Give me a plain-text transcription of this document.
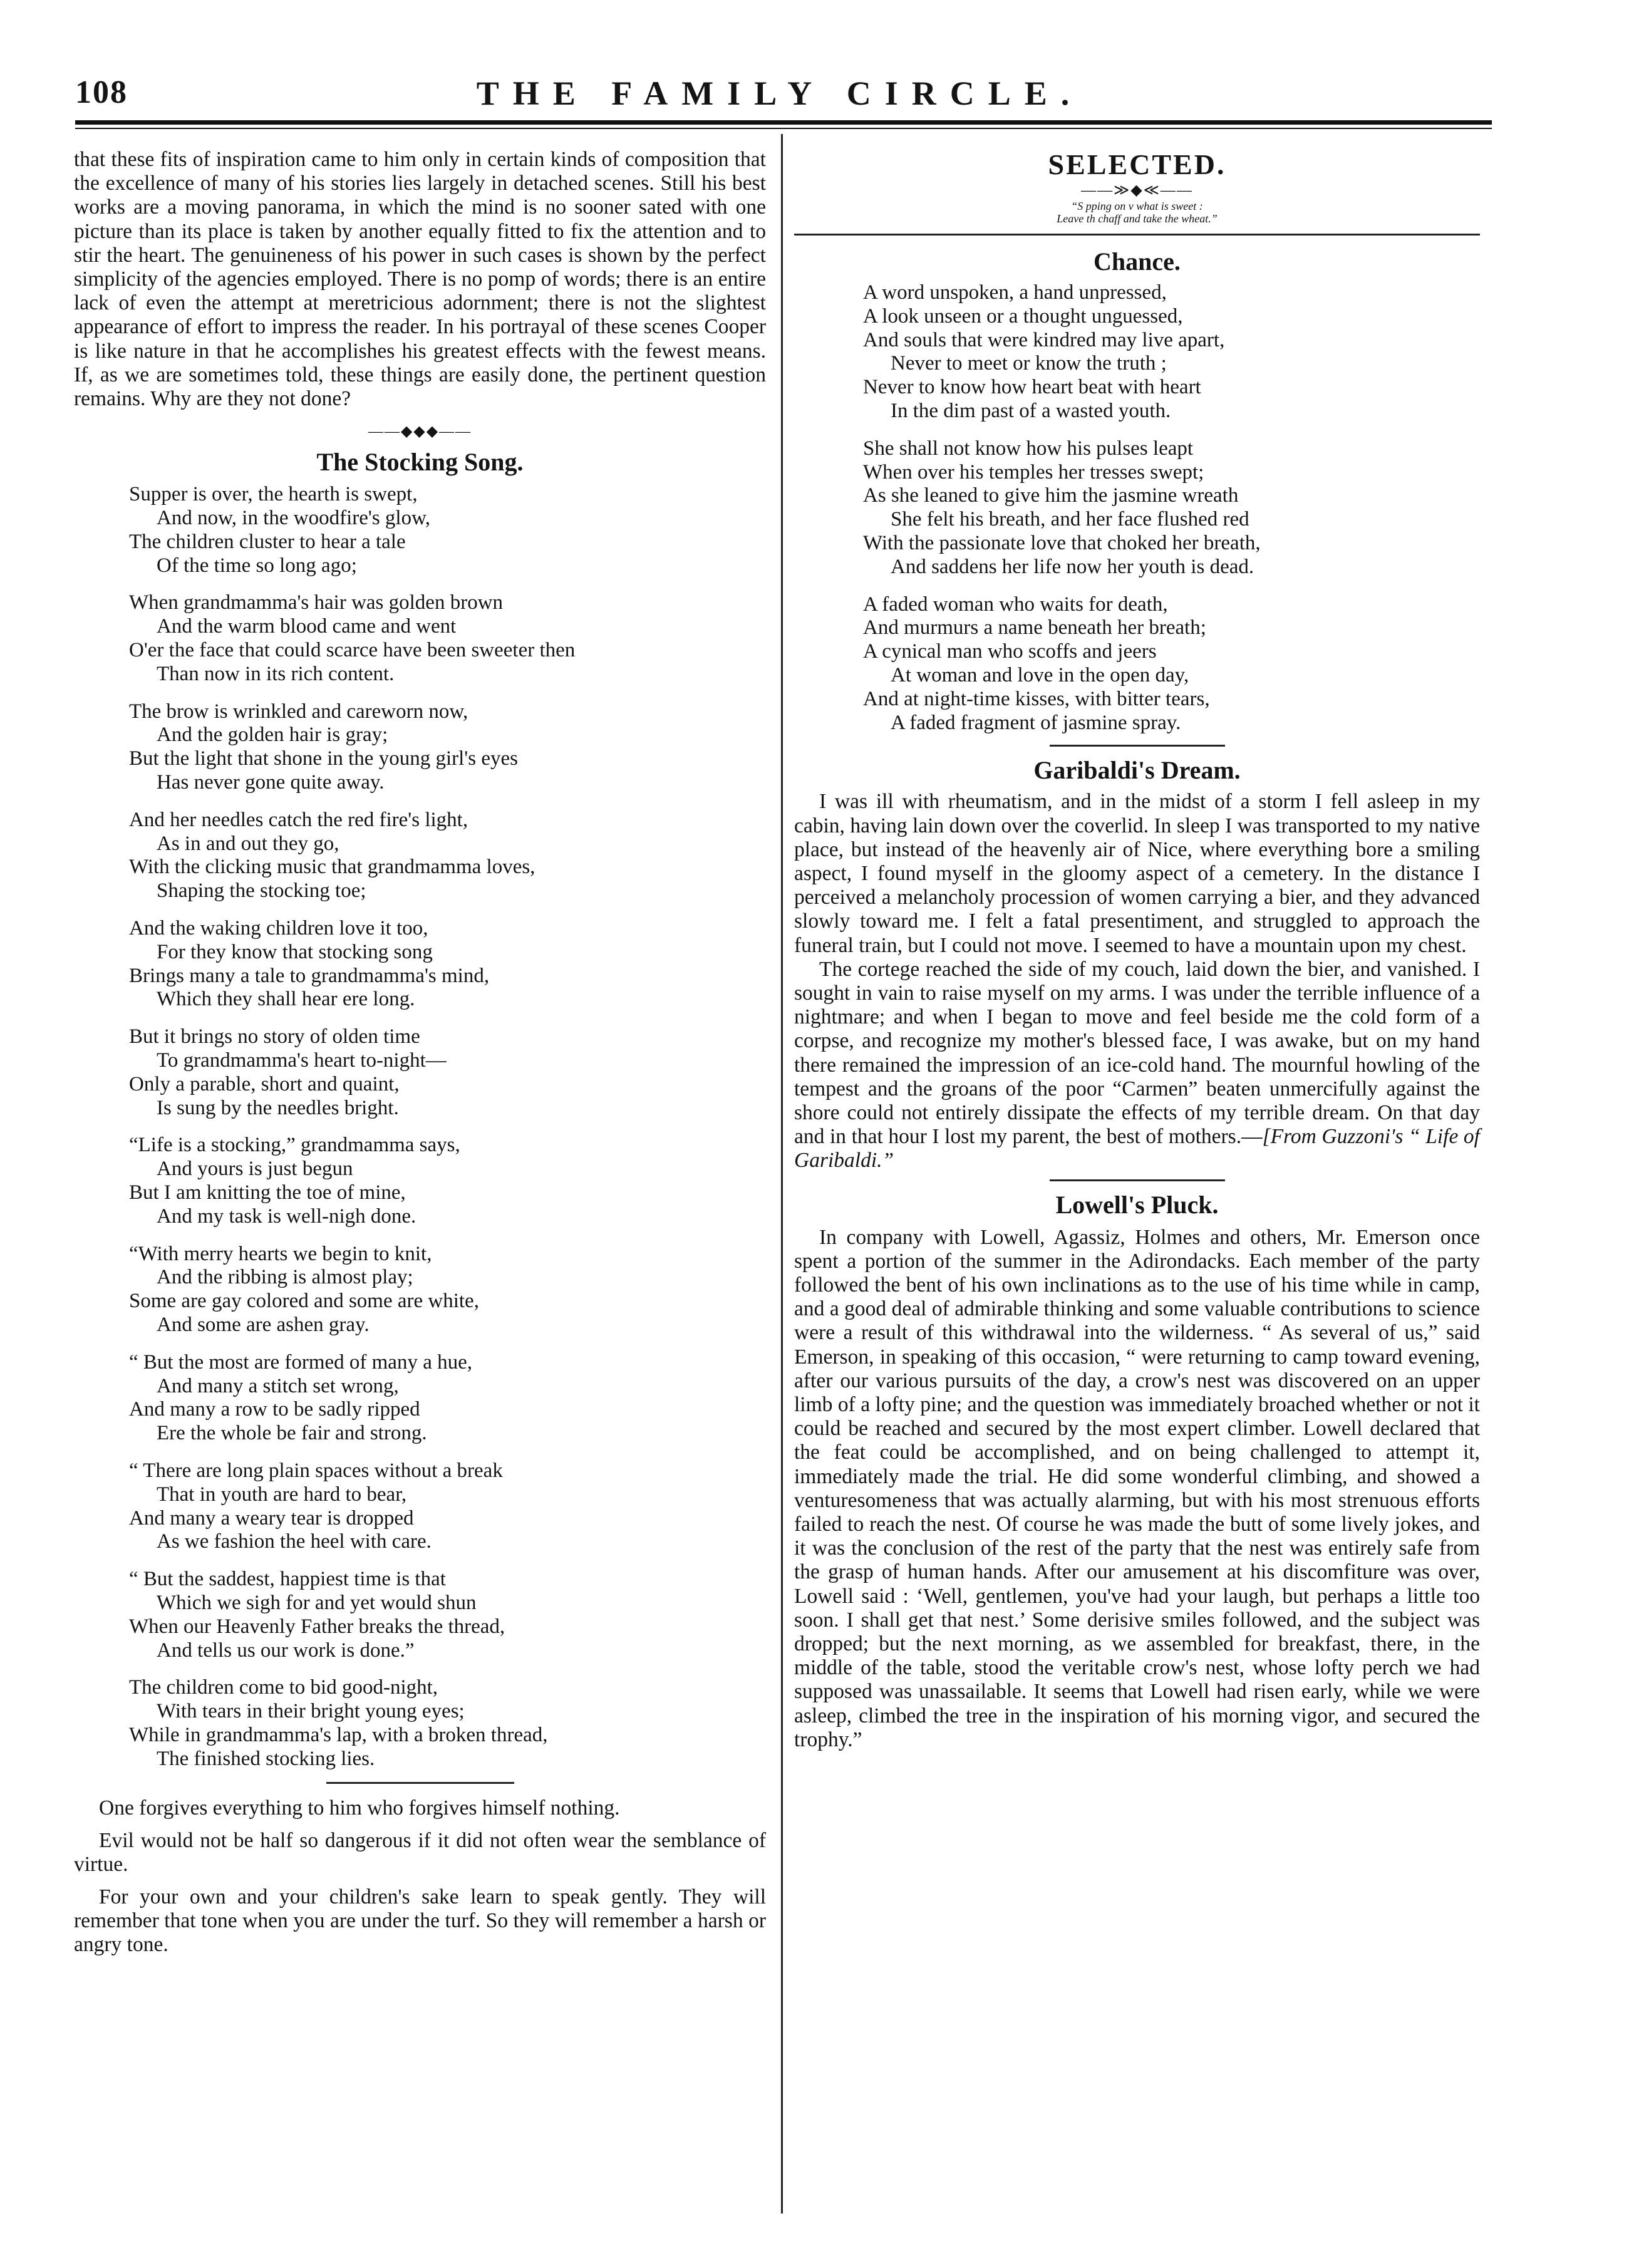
108	THE FAMILY CIRCLE.

that these fits of inspiration came to him only in certain kinds of composition that the excellence of many of his stories lies largely in detached scenes. Still his best works are a moving panorama, in which the mind is no sooner sated with one picture than its place is taken by another equally fitted to fix the attention and to stir the heart. The genuineness of his power in such cases is shown by the perfect simplicity of the agencies employed. There is no pomp of words; there is an entire lack of even the attempt at meretricious adornment; there is not the slightest appearance of effort to impress the reader. In his portrayal of these scenes Cooper is like nature in that he accomplishes his greatest effects with the fewest means. If, as we are sometimes told, these things are easily done, the pertinent question remains. Why are they not done?

——◆◆◆——
The Stocking Song.
Supper is over, the hearth is swept,
And now, in the woodfire's glow,
The children cluster to hear a tale
Of the time so long ago;
When grandmamma's hair was golden brown
And the warm blood came and went
O'er the face that could scarce have been sweeter then
Than now in its rich content.
The brow is wrinkled and careworn now,
And the golden hair is gray;
But the light that shone in the young girl's eyes
Has never gone quite away.
And her needles catch the red fire's light,
As in and out they go,
With the clicking music that grandmamma loves,
Shaping the stocking toe;
And the waking children love it too,
For they know that stocking song
Brings many a tale to grandmamma's mind,
Which they shall hear ere long.
But it brings no story of olden time
To grandmamma's heart to-night—
Only a parable, short and quaint,
Is sung by the needles bright.
“Life is a stocking,” grandmamma says,
And yours is just begun
But I am knitting the toe of mine,
And my task is well-nigh done.
“With merry hearts we begin to knit,
And the ribbing is almost play;
Some are gay colored and some are white,
And some are ashen gray.
“ But the most are formed of many a hue,
And many a stitch set wrong,
And many a row to be sadly ripped
Ere the whole be fair and strong.
“ There are long plain spaces without a break
That in youth are hard to bear,
And many a weary tear is dropped
As we fashion the heel with care.
“ But the saddest, happiest time is that
Which we sigh for and yet would shun
When our Heavenly Father breaks the thread,
And tells us our work is done.”
The children come to bid good-night,
With tears in their bright young eyes;
While in grandmamma's lap, with a broken thread,
The finished stocking lies.

One forgives everything to him who forgives himself nothing.

Evil would not be half so dangerous if it did not often wear the semblance of virtue.

For your own and your children's sake learn to speak gently. They will remember that tone when you are under the turf. So they will remember a harsh or angry tone.

SELECTED.
——≫◆≪——
“S pping on v what is sweet :
Leave th chaff and take the wheat.”
Chance.
A word unspoken, a hand unpressed,
A look unseen or a thought unguessed,
And souls that were kindred may live apart,
Never to meet or know the truth ;
Never to know how heart beat with heart
In the dim past of a wasted youth.
She shall not know how his pulses leapt
When over his temples her tresses swept;
As she leaned to give him the jasmine wreath
She felt his breath, and her face flushed red
With the passionate love that choked her breath,
And saddens her life now her youth is dead.
A faded woman who waits for death,
And murmurs a name beneath her breath;
A cynical man who scoffs and jeers
At woman and love in the open day,
And at night-time kisses, with bitter tears,
A faded fragment of jasmine spray.
Garibaldi's Dream.

I was ill with rheumatism, and in the midst of a storm I fell asleep in my cabin, having lain down over the coverlid. In sleep I was transported to my native place, but instead of the heavenly air of Nice, where everything bore a smiling aspect, I found myself in the gloomy aspect of a cemetery. In the distance I perceived a melancholy procession of women carrying a bier, and they advanced slowly toward me. I felt a fatal presentiment, and struggled to approach the funeral train, but I could not move. I seemed to have a mountain upon my chest.

The cortege reached the side of my couch, laid down the bier, and vanished. I sought in vain to raise myself on my arms. I was under the terrible influence of a nightmare; and when I began to move and feel beside me the cold form of a corpse, and recognize my mother's blessed face, I was awake, but on my hand there remained the impression of an ice-cold hand. The mournful howling of the tempest and the groans of the poor “Carmen” beaten unmercifully against the shore could not entirely dissipate the effects of my terrible dream. On that day and in that hour I lost my parent, the best of mothers.—[From Guzzoni's “ Life of Garibaldi.”

Lowell's Pluck.

In company with Lowell, Agassiz, Holmes and others, Mr. Emerson once spent a portion of the summer in the Adirondacks. Each member of the party followed the bent of his own inclinations as to the use of his time while in camp, and a good deal of admirable thinking and some valuable contributions to science were a result of this withdrawal into the wilderness. “ As several of us,” said Emerson, in speaking of this occasion, “ were returning to camp toward evening, after our various pursuits of the day, a crow's nest was discovered on an upper limb of a lofty pine; and the question was immediately broached whether or not it could be reached and secured by the most expert climber. Lowell declared that the feat could be accomplished, and on being challenged to attempt it, immediately made the trial. He did some wonderful climbing, and showed a venturesomeness that was actually alarming, but with his most strenuous efforts failed to reach the nest. Of course he was made the butt of some lively jokes, and it was the conclusion of the rest of the party that the nest was entirely safe from the grasp of human hands. After our amusement at his discomfiture was over, Lowell said : ‘Well, gentlemen, you've had your laugh, but perhaps a little too soon. I shall get that nest.’ Some derisive smiles followed, and the subject was dropped; but the next morning, as we assembled for breakfast, there, in the middle of the table, stood the veritable crow's nest, whose lofty perch we had supposed was unassailable. It seems that Lowell had risen early, while we were asleep, climbed the tree in the inspiration of his morning vigor, and secured the trophy.”
